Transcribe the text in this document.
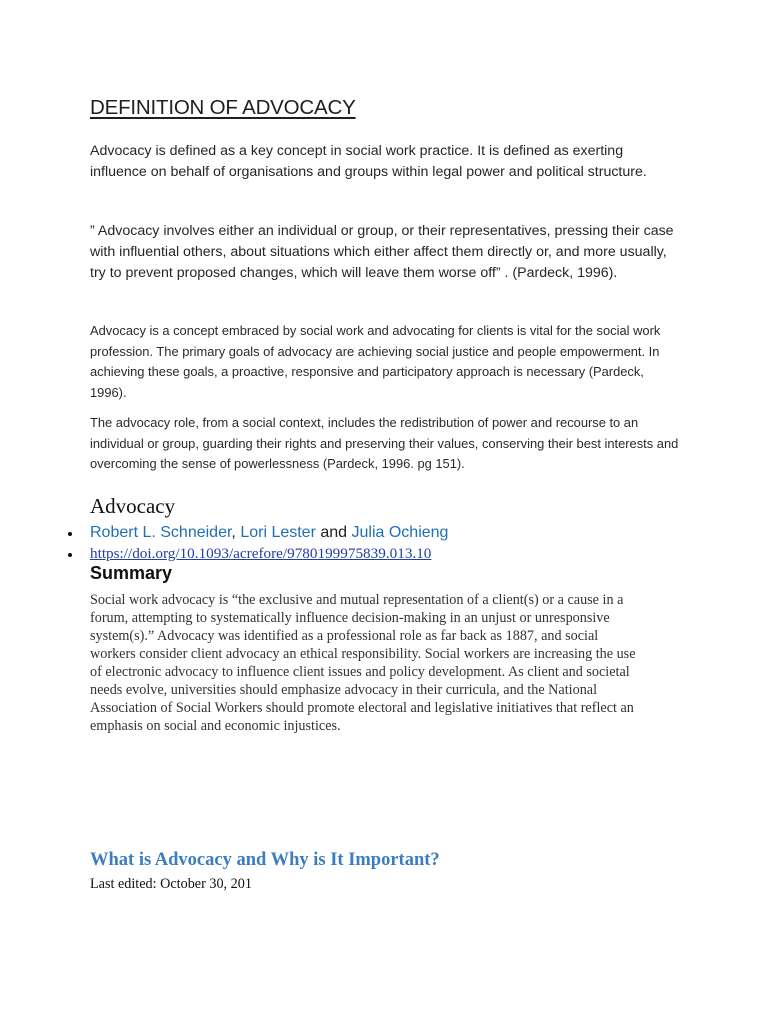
DEFINITION OF ADVOCACY

Advocacy is defined as a key concept in social work practice. It is defined as exerting influence on behalf of organisations and groups within legal power and political structure.

” Advocacy involves either an individual or group, or their representatives, pressing their case with influential others, about situations which either affect them directly or, and more usually, try to prevent proposed changes, which will leave them worse off” . (Pardeck, 1996).

Advocacy is a concept embraced by social work and advocating for clients is vital for the social work profession. The primary goals of advocacy are achieving social justice and people empowerment. In achieving these goals, a proactive, responsive and participatory approach is necessary (Pardeck, 1996).

The advocacy role, from a social context, includes the redistribution of power and recourse to an individual or group, guarding their rights and preserving their values, conserving their best interests and overcoming the sense of powerlessness (Pardeck, 1996. pg 151).

Advocacy
Robert L. Schneider, Lori Lester and Julia Ochieng
https://doi.org/10.1093/acrefore/9780199975839.013.10
Summary
Social work advocacy is “the exclusive and mutual representation of a client(s) or a cause in a
forum, attempting to systematically influence decision-making in an unjust or unresponsive
system(s).” Advocacy was identified as a professional role as far back as 1887, and social
workers consider client advocacy an ethical responsibility. Social workers are increasing the use
of electronic advocacy to influence client issues and policy development. As client and societal
needs evolve, universities should emphasize advocacy in their curricula, and the National
Association of Social Workers should promote electoral and legislative initiatives that reflect an
emphasis on social and economic injustices.
What is Advocacy and Why is It Important?
Last edited: October 30, 201
